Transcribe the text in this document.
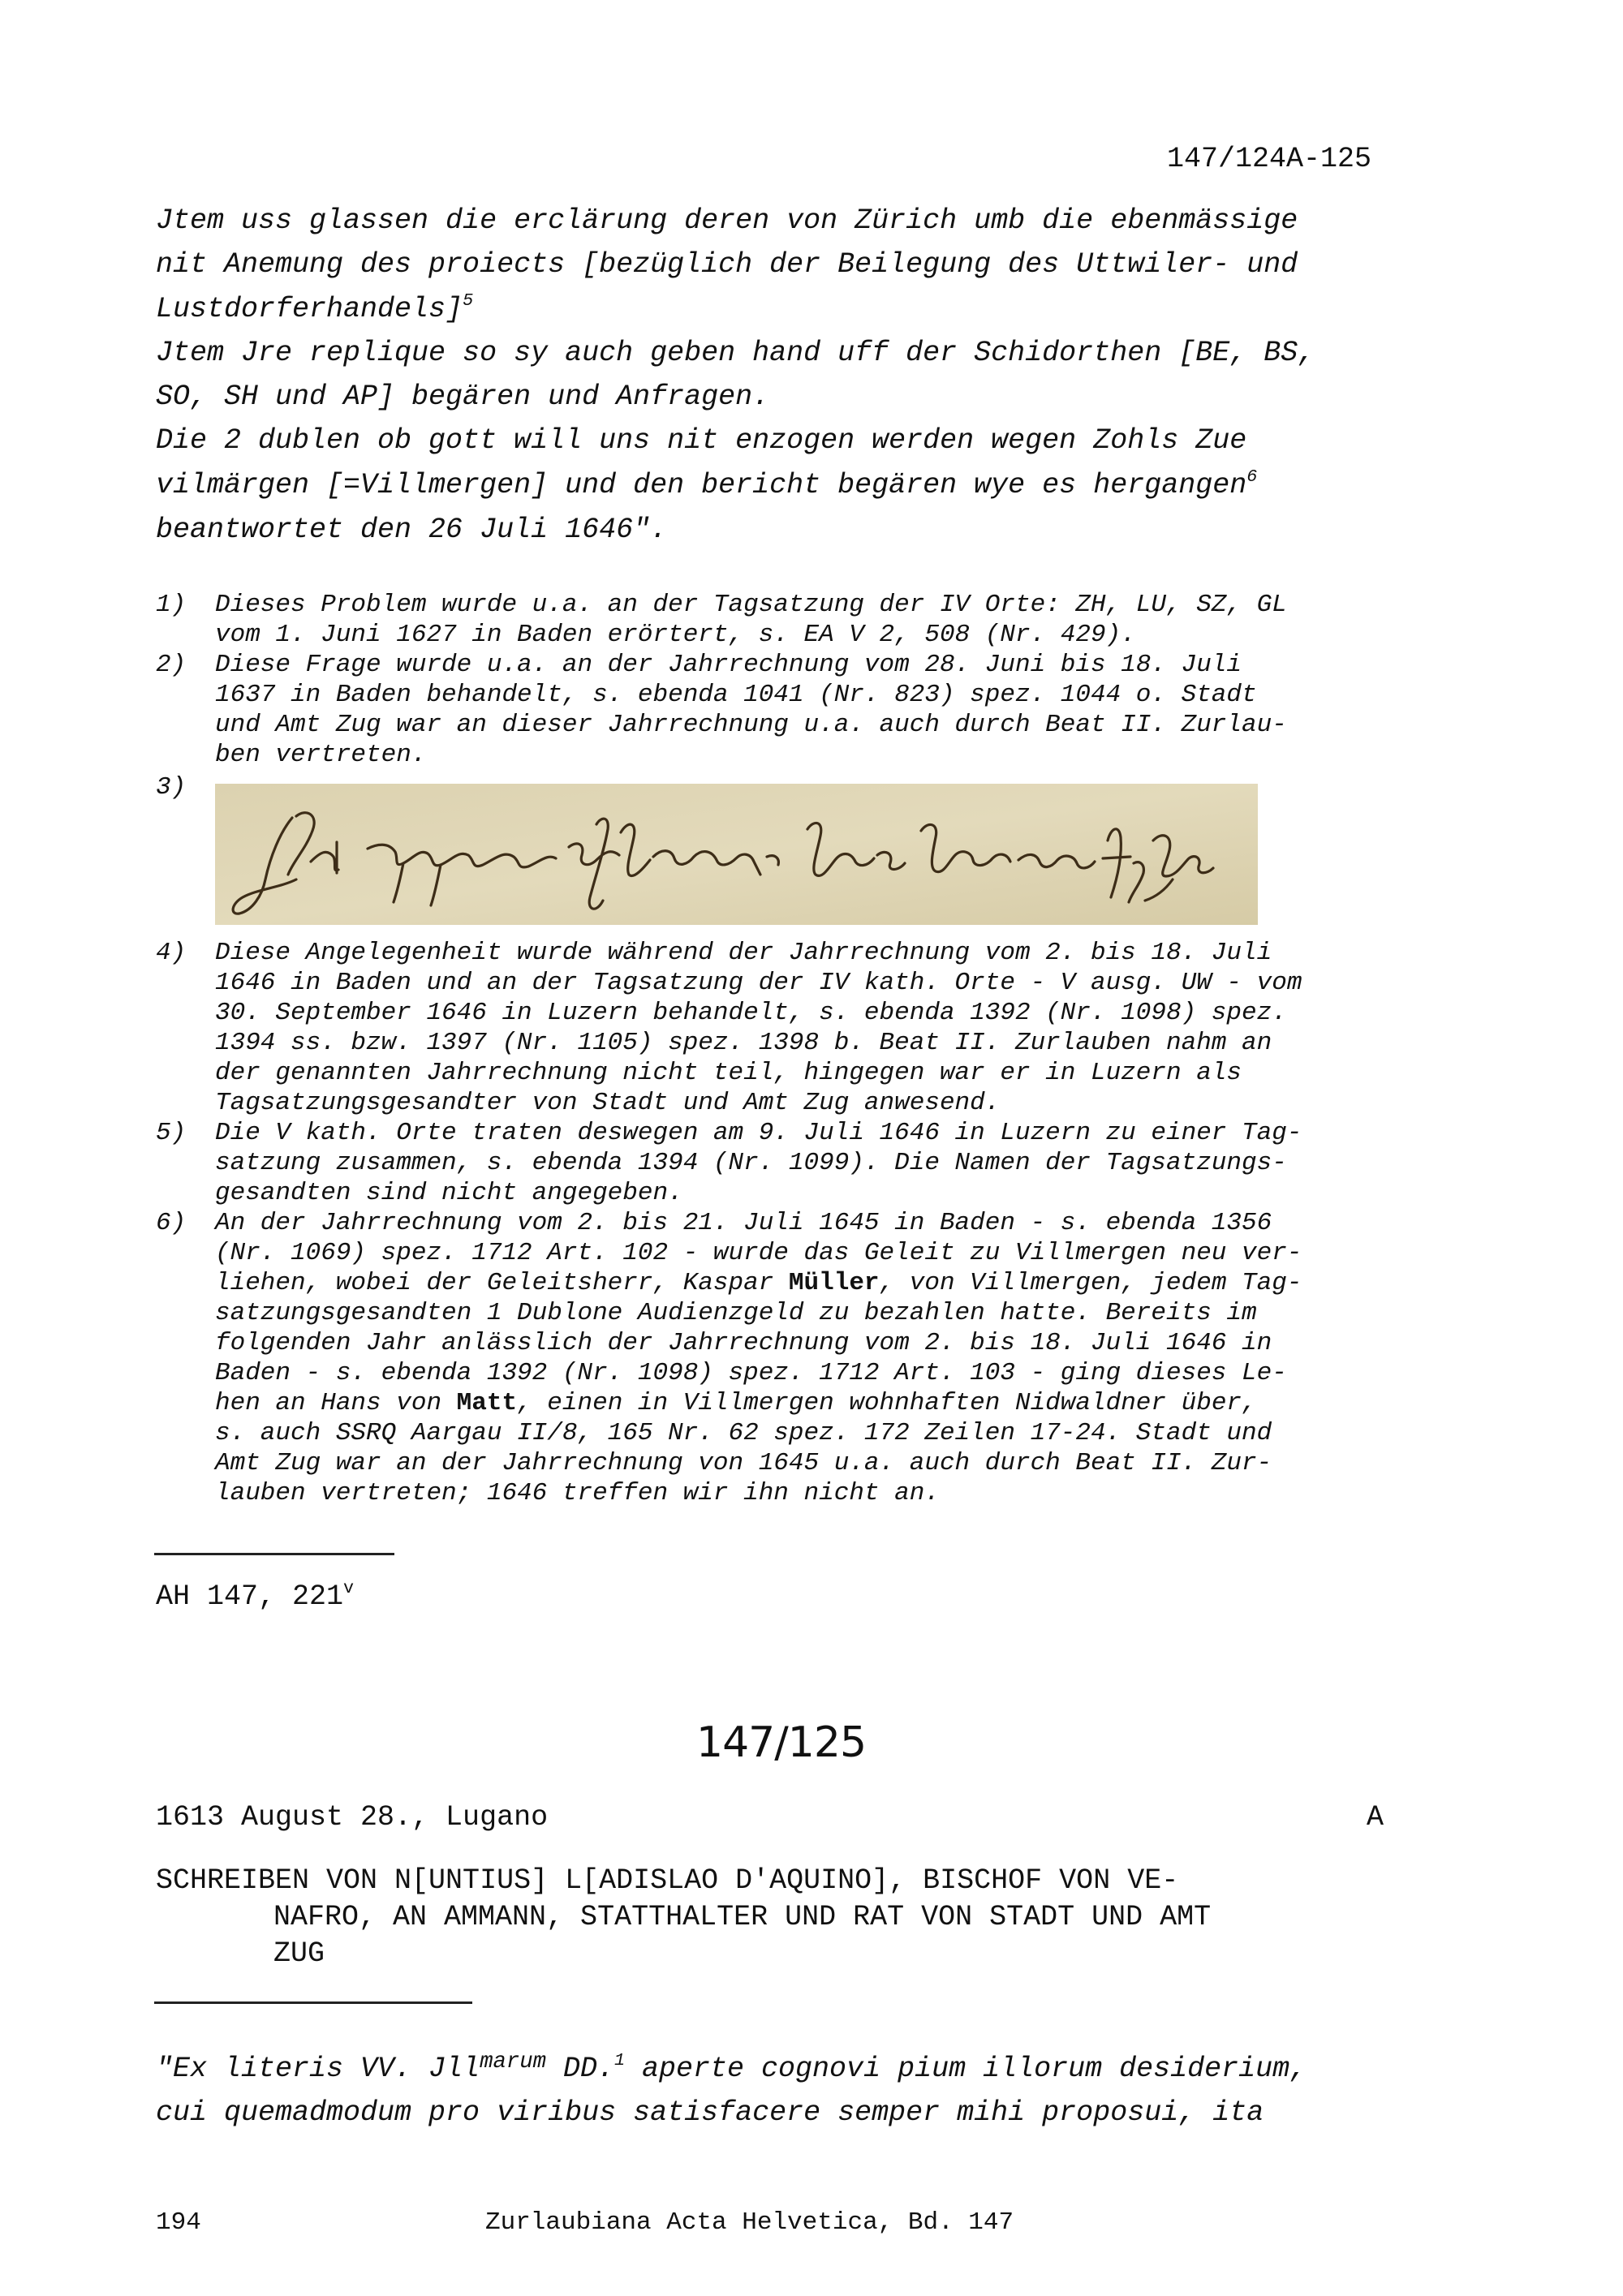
147/124A-125
Jtem uss glassen die erclärung deren von Zürich umb die ebenmässige
nit Anemung des proiects [bezüglich der Beilegung des Uttwiler- und
Lustdorferhandels]$^5$
Jtem Jre replique so sy auch geben hand uff der Schidorthen [BE, BS,
SO, SH und AP] begären und Anfragen.
Die 2 dublen ob gott will uns nit enzogen werden wegen Zohls Zue
vilmärgen [=Villmergen] und den bericht begären wye es hergangen$^6$
beantwortet den 26 Juli 1646".
1) Dieses Problem wurde u.a. an der Tagsatzung der IV Orte: ZH, LU, SZ, GL
vom 1. Juni 1627 in Baden erörtert, s. EA V 2, 508 (Nr. 429).
2) Diese Frage wurde u.a. an der Jahrrechnung vom 28. Juni bis 18. Juli
1637 in Baden behandelt, s. ebenda 1041 (Nr. 823) spez. 1044 o. Stadt
und Amt Zug war an dieser Jahrrechnung u.a. auch durch Beat II. Zurlau-
ben vertreten.
3)
4) Diese Angelegenheit wurde während der Jahrrechnung vom 2. bis 18. Juli
1646 in Baden und an der Tagsatzung der IV kath. Orte - V ausg. UW - vom
30. September 1646 in Luzern behandelt, s. ebenda 1392 (Nr. 1098) spez.
1394 ss. bzw. 1397 (Nr. 1105) spez. 1398 b. Beat II. Zurlauben nahm an
der genannten Jahrrechnung nicht teil, hingegen war er in Luzern als
Tagsatzungsgesandter von Stadt und Amt Zug anwesend.
5) Die V kath. Orte traten deswegen am 9. Juli 1646 in Luzern zu einer Tag-
satzung zusammen, s. ebenda 1394 (Nr. 1099). Die Namen der Tagsatzungs-
gesandten sind nicht angegeben.
6) An der Jahrrechnung vom 2. bis 21. Juli 1645 in Baden - s. ebenda 1356
(Nr. 1069) spez. 1712 Art. 102 - wurde das Geleit zu Villmergen neu ver-
liehen, wobei der Geleitsherr, Kaspar Müller, von Villmergen, jedem Tag-
satzungsgesandten 1 Dublone Audienzgeld zu bezahlen hatte. Bereits im
folgenden Jahr anlässlich der Jahrrechnung vom 2. bis 18. Juli 1646 in
Baden - s. ebenda 1392 (Nr. 1098) spez. 1712 Art. 103 - ging dieses Le-
hen an Hans von Matt, einen in Villmergen wohnhaften Nidwaldner über,
s. auch SSRQ Aargau II/8, 165 Nr. 62 spez. 172 Zeilen 17-24. Stadt und
Amt Zug war an der Jahrrechnung von 1645 u.a. auch durch Beat II. Zur-
lauben vertreten; 1646 treffen wir ihn nicht an.
AH 147, 221$^v$
147/125
1613 August 28., Lugano	A
SCHREIBEN VON N[UNTIUS] L[ADISLAO D'AQUINO], BISCHOF VON VE-
NAFRO, AN AMMANN, STATTHALTER UND RAT VON STADT UND AMT
ZUG
"Ex literis VV. Jll$^{marum}$ DD.$^1$ aperte cognovi pium illorum desiderium,
cui quemadmodum pro viribus satisfacere semper mihi proposui, ita
194	Zurlaubiana Acta Helvetica, Bd. 147
